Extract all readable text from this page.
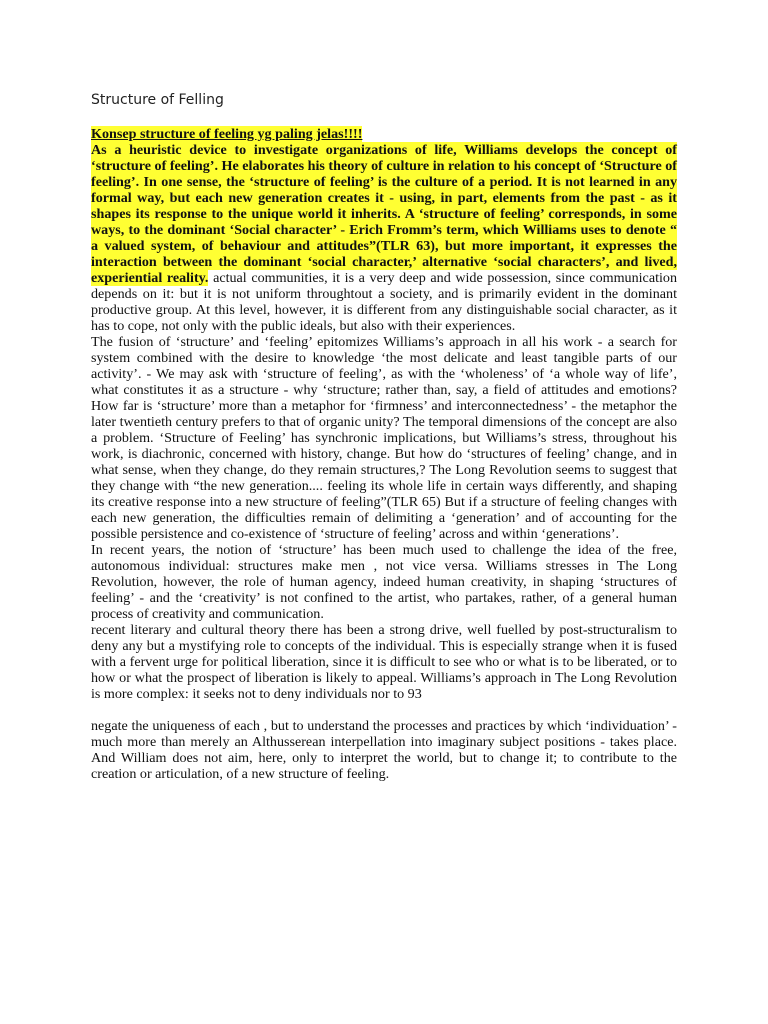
Structure of Felling

Konsep structure of feeling yg paling jelas!!!!

As a heuristic device to investigate organizations of life, Williams develops the concept of ‘structure of feeling’. He elaborates his theory of culture in relation to his concept of ‘Structure of feeling’. In one sense, the ‘structure of feeling’ is the culture of a period. It is not learned in any formal way, but each new generation creates it - using, in part, elements from the past - as it shapes its response to the unique world it inherits. A ‘structure of feeling’ corresponds, in some ways, to the dominant ‘Social character’ - Erich Fromm’s term, which Williams uses to denote “ a valued system, of behaviour and attitudes”(TLR 63), but more important, it expresses the interaction between the dominant ‘social character,’ alternative ‘social characters’, and lived, experiential reality. actual communities, it is a very deep and wide possession, since communication depends on it: but it is not uniform throughtout a society, and is primarily evident in the dominant productive group. At this level, however, it is different from any distinguishable social character, as it has to cope, not only with the public ideals, but also with their experiences.

The fusion of ‘structure’ and ‘feeling’ epitomizes Williams’s approach in all his work - a search for system combined with the desire to knowledge ‘the most delicate and least tangible parts of our activity’. - We may ask with ‘structure of feeling’, as with the ‘wholeness’ of ‘a whole way of life’, what constitutes it as a structure - why ‘structure; rather than, say, a field of attitudes and emotions? How far is ‘structure’ more than a metaphor for ‘firmness’ and interconnectedness’ - the metaphor the later twentieth century prefers to that of organic unity? The temporal dimensions of the concept are also a problem. ‘Structure of Feeling’ has synchronic implications, but Williams’s stress, throughout his work, is diachronic, concerned with history, change. But how do ‘structures of feeling’ change, and in what sense, when they change, do they remain structures,? The Long Revolution seems to suggest that they change with “the new generation.... feeling its whole life in certain ways differently, and shaping its creative response into a new structure of feeling”(TLR 65) But if a structure of feeling changes with each new generation, the difficulties remain of delimiting a ‘generation’ and of accounting for the possible persistence and co-existence of ‘structure of feeling’ across and within ‘generations’.

In recent years, the notion of ‘structure’ has been much used to challenge the idea of the free, autonomous individual: structures make men , not vice versa. Williams stresses in The Long Revolution, however, the role of human agency, indeed human creativity, in shaping ‘structures of feeling’ - and the ‘creativity’ is not confined to the artist, who partakes, rather, of a general human process of creativity and communication.

recent literary and cultural theory there has been a strong drive, well fuelled by post-structuralism to deny any but a mystifying role to concepts of the individual. This is especially strange when it is fused with a fervent urge for political liberation, since it is difficult to see who or what is to be liberated, or to how or what the prospect of liberation is likely to appeal. Williams’s approach in The Long Revolution is more complex: it seeks not to deny individuals nor to 93

negate the uniqueness of each , but to understand the processes and practices by which ‘individuation’ - much more than merely an Althusserean interpellation into imaginary subject positions - takes place. And William does not aim, here, only to interpret the world, but to change it; to contribute to the creation or articulation, of a new structure of feeling.
